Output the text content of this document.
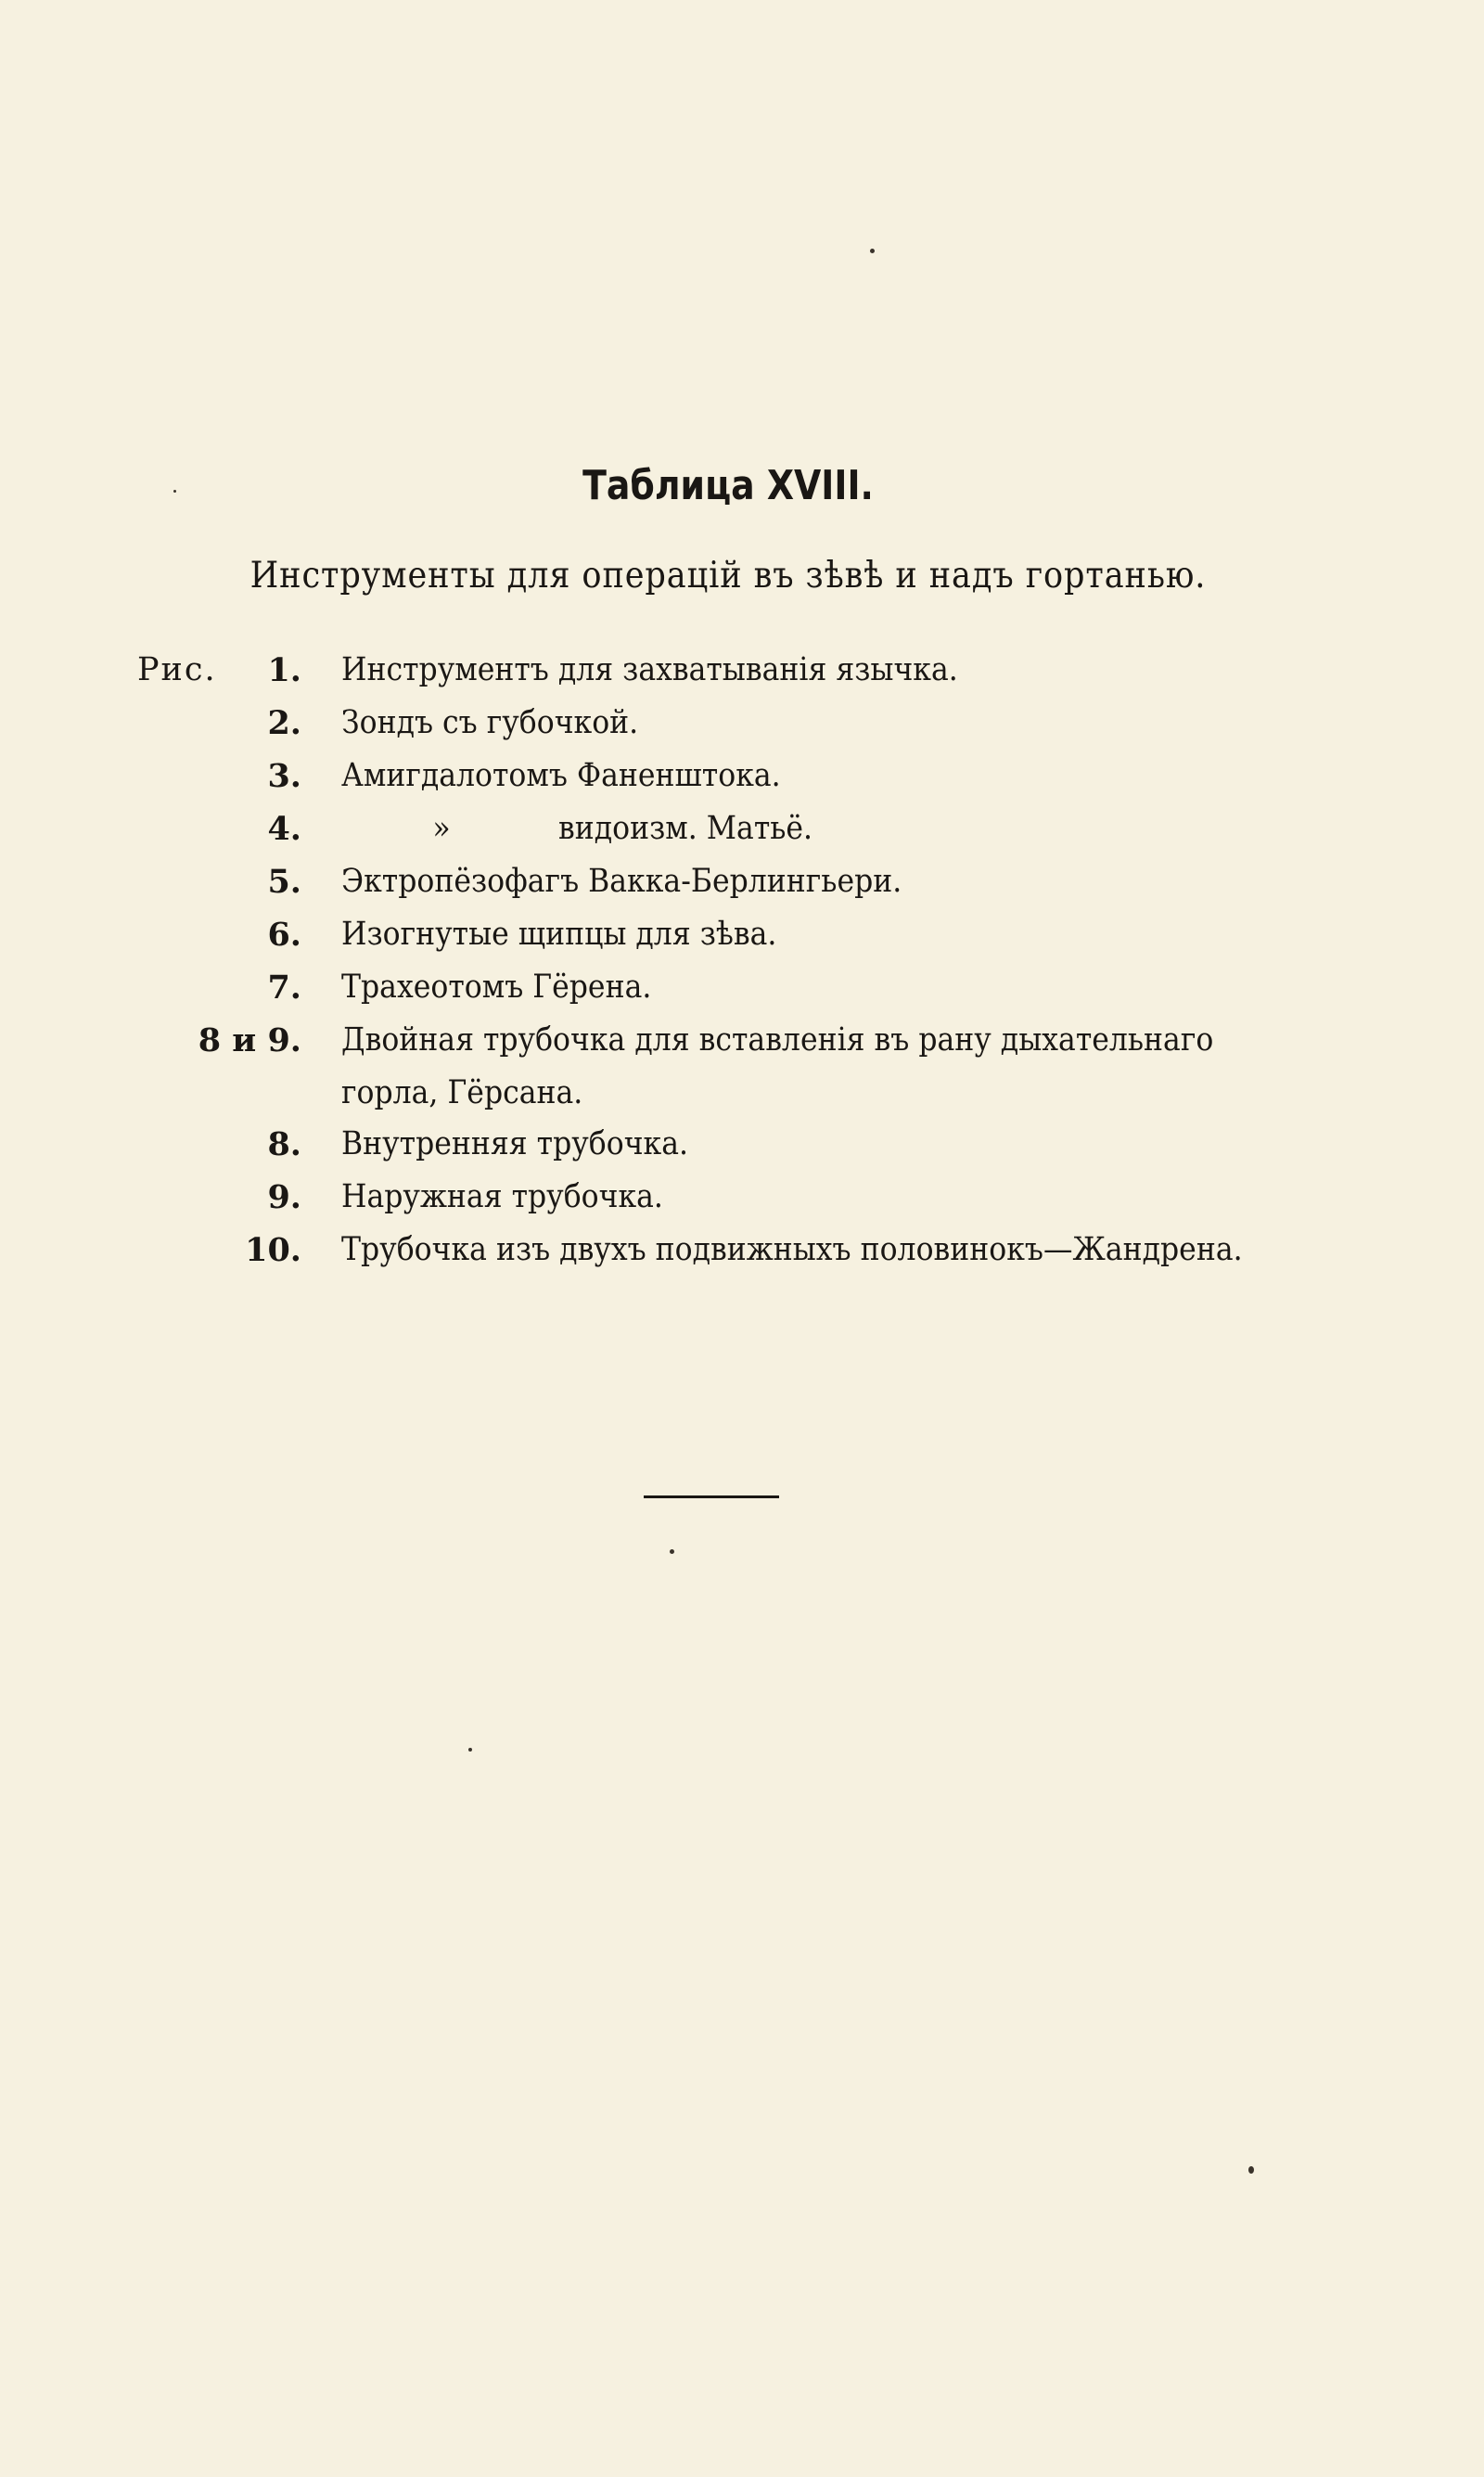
Таблица XVIII.
Инструменты для операцій въ зѣвѣ и надъ гортанью.
Рис. 1. Инструментъ для захватыванія язычка.
2. Зондъ съ губочкой.
3. Амигдалотомъ Фаненштока.
4.	»	видоизм. Матьё.
5. Эктропёзофагъ Вакка-Берлингьери.
6. Изогнутые щипцы для зѣва.
7. Трахеотомъ Гёрена.
8 и 9. Двойная трубочка для вставленія въ рану дыхательнаго
горла, Гёрсана.
8. Внутренняя трубочка.
9. Наружная трубочка.
10. Трубочка изъ двухъ подвижныхъ половинокъ—Жандрена.
